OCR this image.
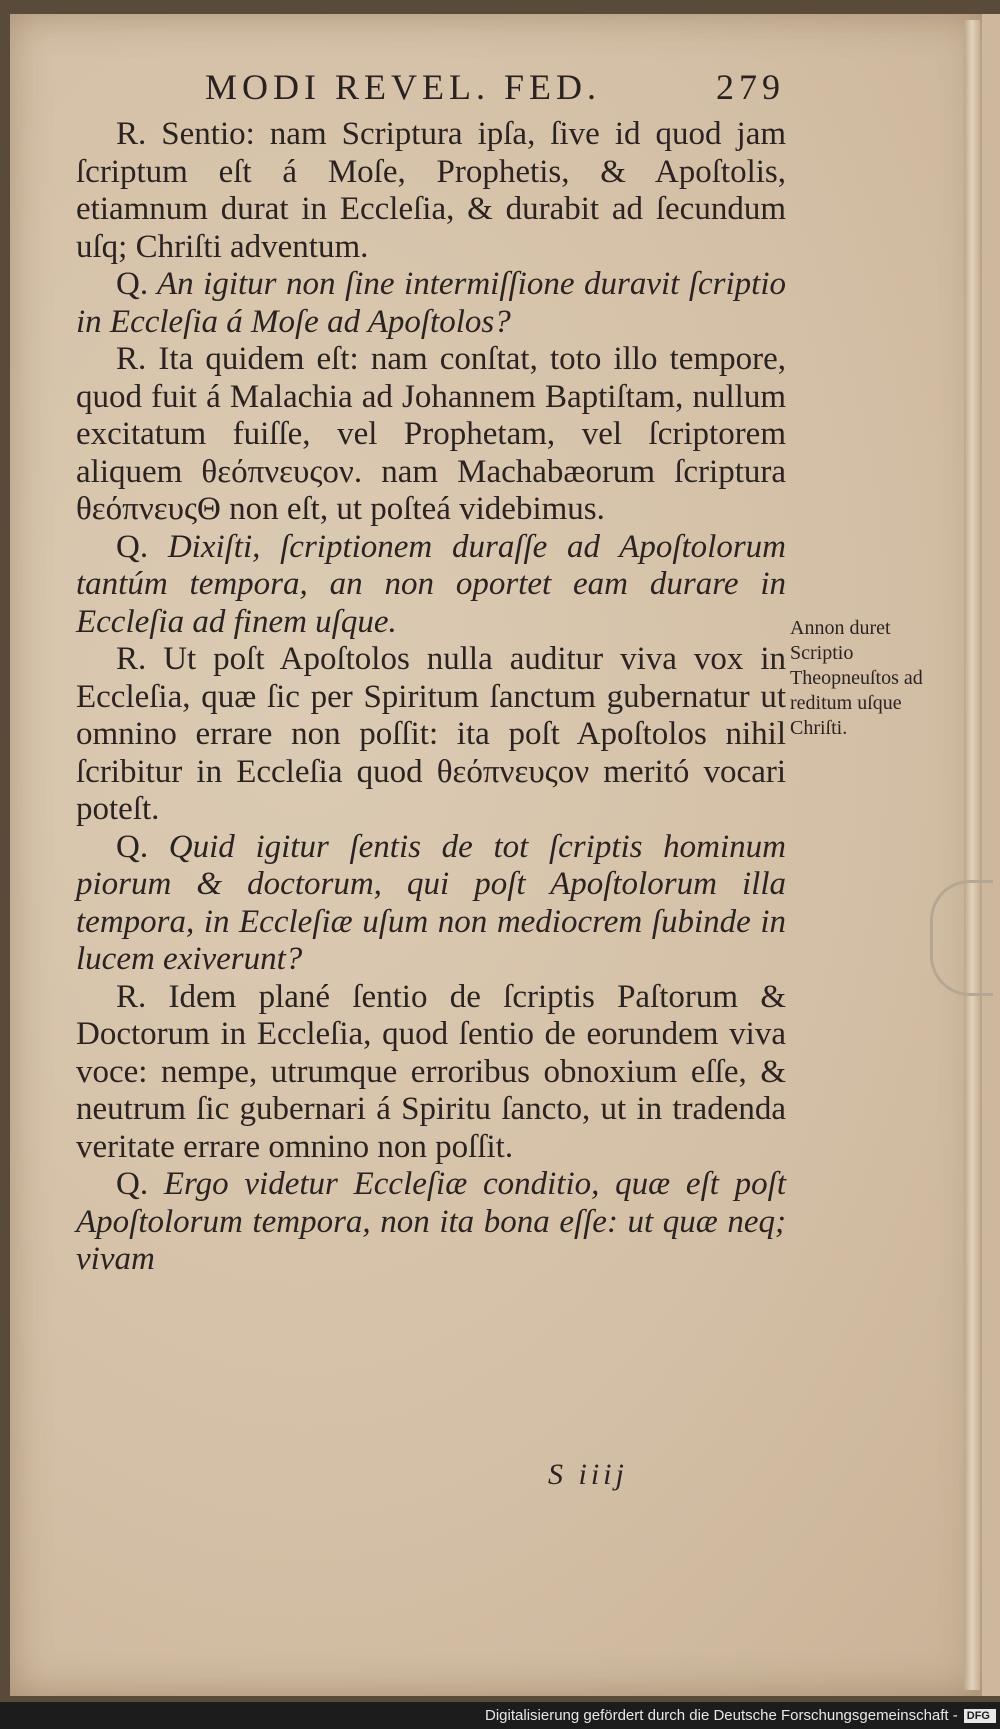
MODI REVEL. FED.	279

R. Sentio: nam Scriptura ipſa, ſive id quod jam ſcriptum eſt á Moſe, Prophetis, & Apoſtolis, etiamnum durat in Eccleſia, & durabit ad ſecundum uſq; Chriſti adventum.

Q. An igitur non ſine intermiſſione duravit ſcriptio in Eccleſia á Moſe ad Apoſtolos?

R. Ita quidem eſt: nam conſtat, toto illo tempore, quod fuit á Malachia ad Johannem Baptiſtam, nullum excitatum fuiſſe, vel Prophetam, vel ſcriptorem aliquem θεόπνευςον. nam Machabæorum ſcriptura θεόπνευςΘ non eſt, ut poſteá videbimus.

Q. Dixiſti, ſcriptionem duraſſe ad Apoſtolorum tantúm tempora, an non oportet eam durare in Eccleſia ad finem uſque.

R. Ut poſt Apoſtolos nulla auditur viva vox in Eccleſia, quæ ſic per Spiritum ſanctum gubernatur ut omnino errare non poſſit: ita poſt Apoſtolos nihil ſcribitur in Eccleſia quod θεόπνευςον meritó vocari poteſt.

Q. Quid igitur ſentis de tot ſcriptis hominum piorum & doctorum, qui poſt Apoſtolorum illa tempora, in Eccleſiæ uſum non mediocrem ſubinde in lucem exiverunt?

R. Idem plané ſentio de ſcriptis Paſtorum & Doctorum in Eccleſia, quod ſentio de eorundem viva voce: nempe, utrumque erroribus obnoxium eſſe, & neutrum ſic gubernari á Spiritu ſancto, ut in tradenda veritate errare omnino non poſſit.

Q. Ergo videtur Eccleſiæ conditio, quæ eſt poſt Apoſtolorum tempora, non ita bona eſſe: ut quæ neq; vivam

Annon duret Scriptio Theopneuſtos ad reditum uſque Chriſti.
S iiij
Digitalisierung gefördert durch die Deutsche Forschungsgemeinschaft - DFG
